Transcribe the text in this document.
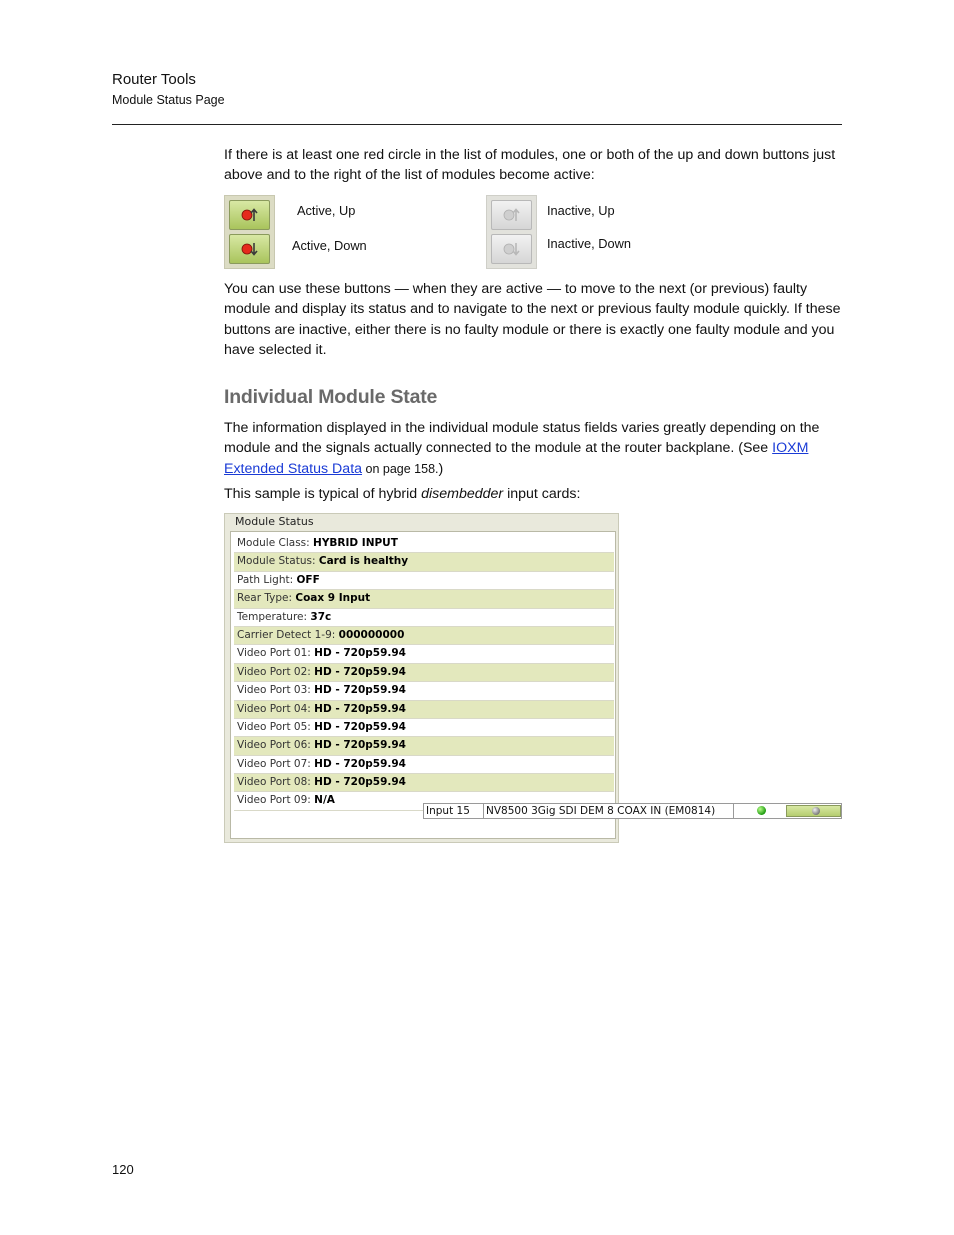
Router Tools
Module Status Page
If there is at least one red circle in the list of modules, one or both of the up and down buttons just above and to the right of the list of modules become active:
Active, Up
Active, Down
Inactive, Up
Inactive, Down
You can use these buttons — when they are active — to move to the next (or previous) faulty module and display its status and to navigate to the next or previous faulty module quickly. If these buttons are inactive, either there is no faulty module or there is exactly one faulty module and you have selected it.
Individual Module State
The information displayed in the individual module status fields varies greatly depending on the module and the signals actually connected to the module at the router backplane. (See IOXM Extended Status Data on page 158.)
This sample is typical of hybrid disembedder input cards:
Module Class: HYBRID INPUT
Module Status: Card is healthy
Path Light: OFF
Rear Type: Coax 9 Input
Temperature: 37c
Carrier Detect 1-9: 000000000
Video Port 01: HD - 720p59.94
Video Port 02: HD - 720p59.94
Video Port 03: HD - 720p59.94
Video Port 04: HD - 720p59.94
Video Port 05: HD - 720p59.94
Video Port 06: HD - 720p59.94
Video Port 07: HD - 720p59.94
Video Port 08: HD - 720p59.94
Video Port 09: N/A
Module Status
Input 15 NV8500 3Gig SDI DEM 8 COAX IN (EM0814)
120
